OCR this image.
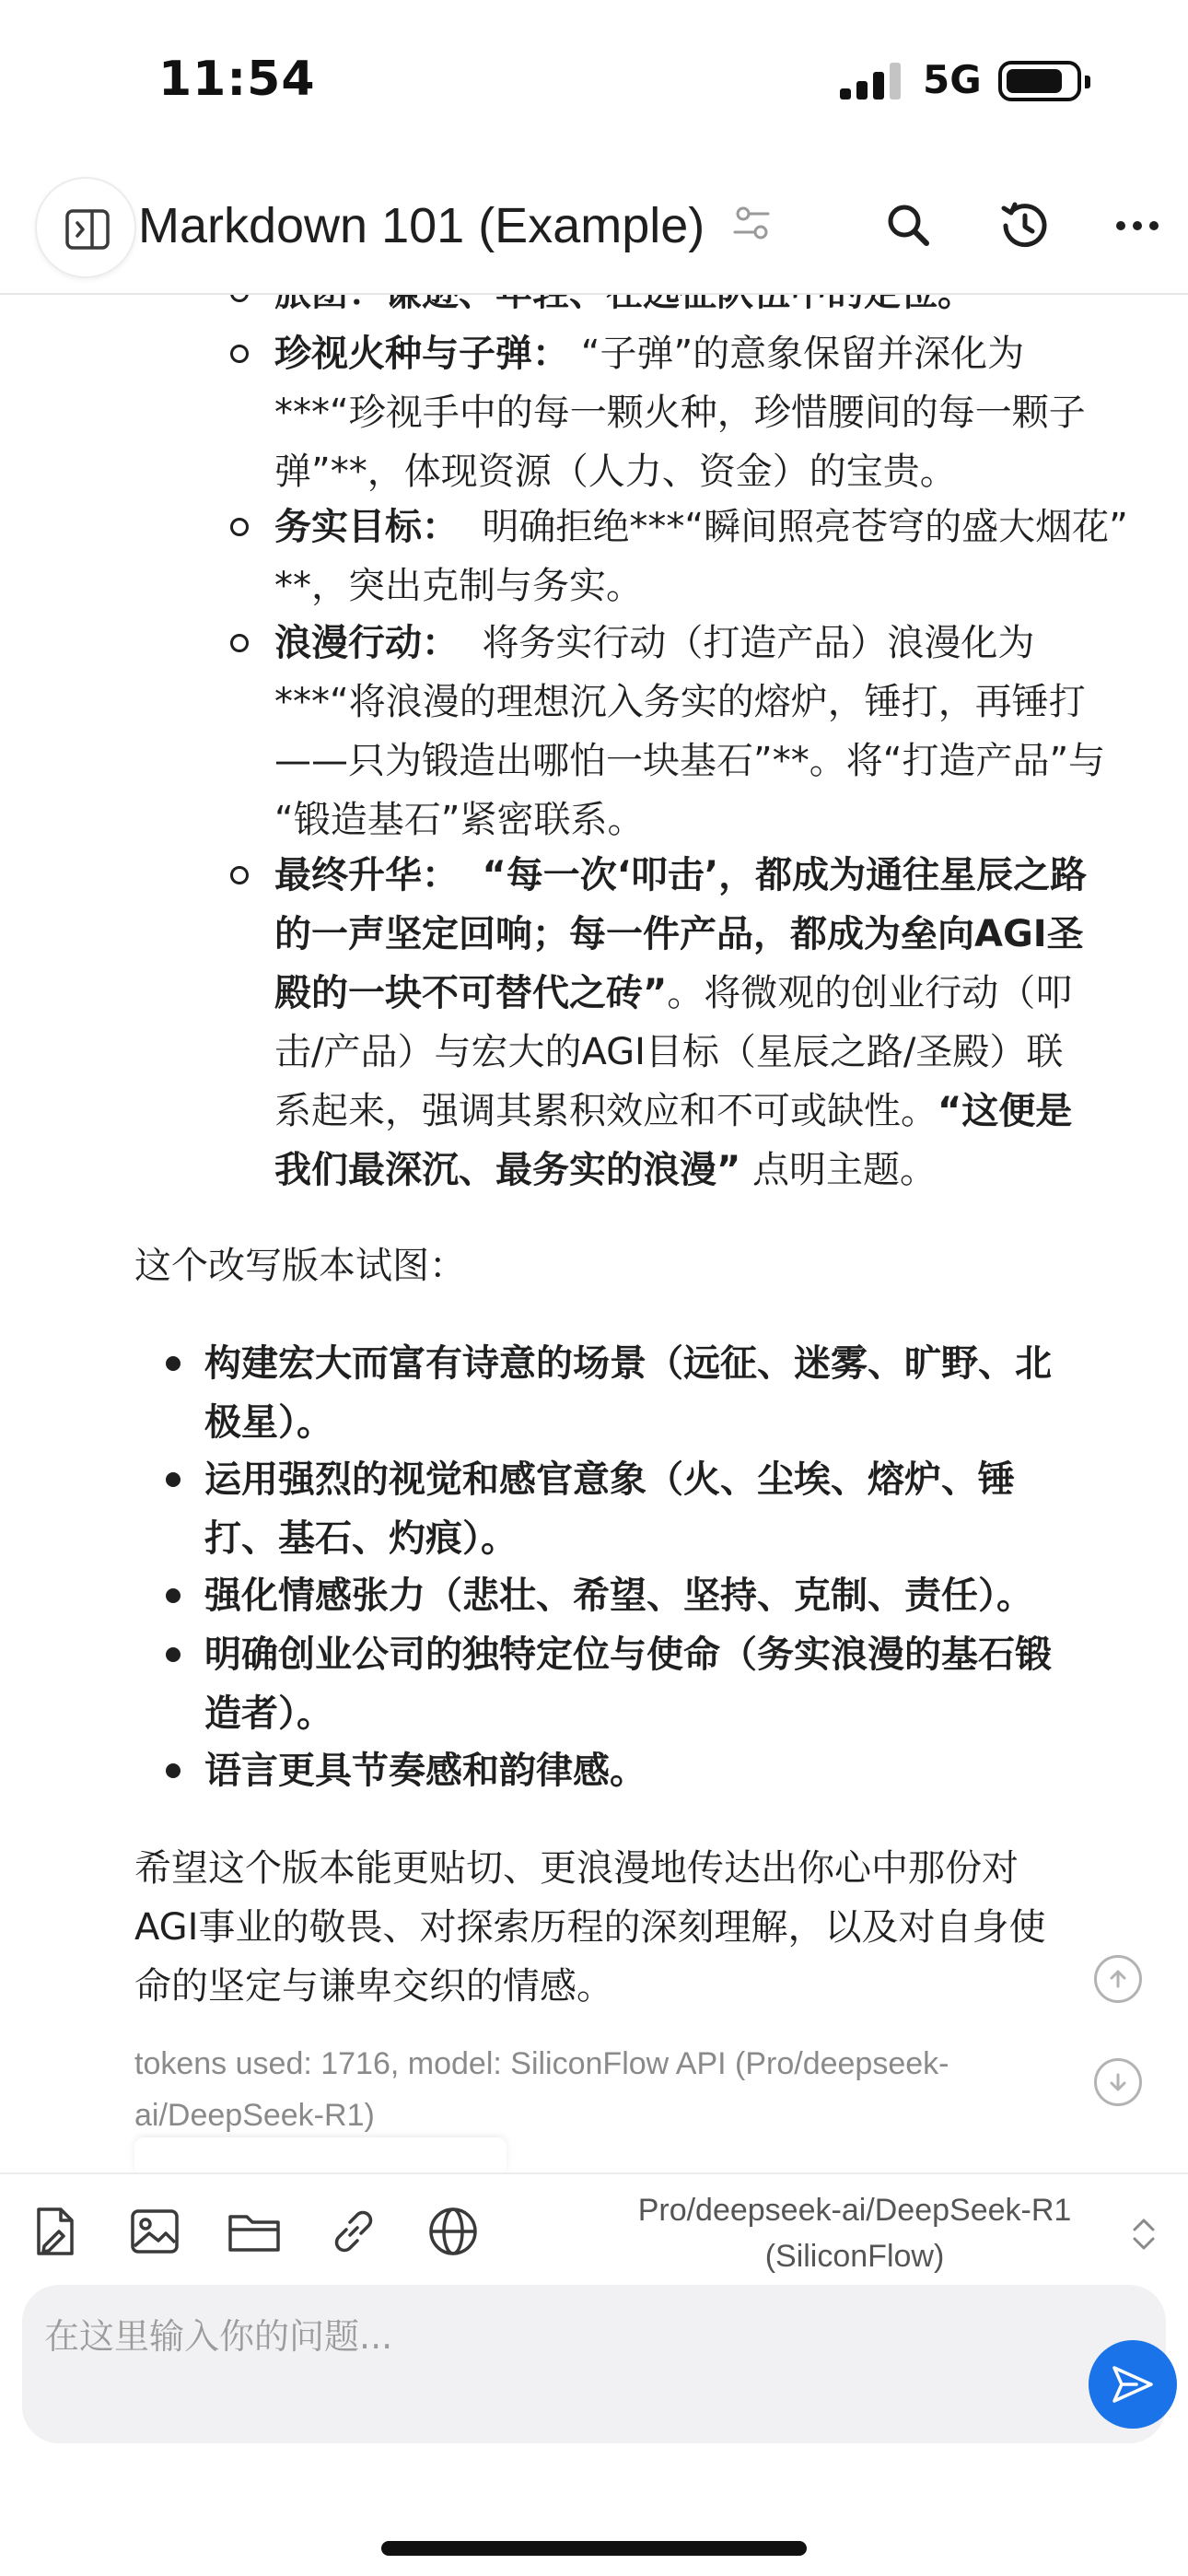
11:54	5G
Markdown 101 (Example)
珍视火种与子弹： “子弹”的意象保留并深化为
***“珍视手中的每一颗火种，珍惜腰间的每一颗子
弹”**，体现资源（人力、资金）的宝贵。
务实目标： 明确拒绝***“瞬间照亮苍穹的盛大烟花”
**，突出克制与务实。
浪漫行动： 将务实行动（打造产品）浪漫化为
***“将浪漫的理想沉入务实的熔炉，锤打，再锤打
——只为锻造出哪怕一块基石”**。将“打造产品”与
“锻造基石”紧密联系。
最终升华： “每一次‘叩击’，都成为通往星辰之路
的一声坚定回响；每一件产品，都成为垒向AGI圣
殿的一块不可替代之砖”。将微观的创业行动（叩
击/产品）与宏大的AGI目标（星辰之路/圣殿）联
系起来，强调其累积效应和不可或缺性。“这便是
我们最深沉、最务实的浪漫” 点明主题。
这个改写版本试图：
构建宏大而富有诗意的场景（远征、迷雾、旷野、北
极星）。
运用强烈的视觉和感官意象（火、尘埃、熔炉、锤
打、基石、灼痕）。
强化情感张力（悲壮、希望、坚持、克制、责任）。
明确创业公司的独特定位与使命（务实浪漫的基石锻
造者）。
语言更具节奏感和韵律感。
希望这个版本能更贴切、更浪漫地传达出你心中那份对
AGI事业的敬畏、对探索历程的深刻理解，以及对自身使
命的坚定与谦卑交织的情感。
tokens used: 1716, model: SiliconFlow API (Pro/deepseek-
ai/DeepSeek-R1)
Pro/deepseek-ai/DeepSeek-R1
(SiliconFlow)
在这里输入你的问题...
